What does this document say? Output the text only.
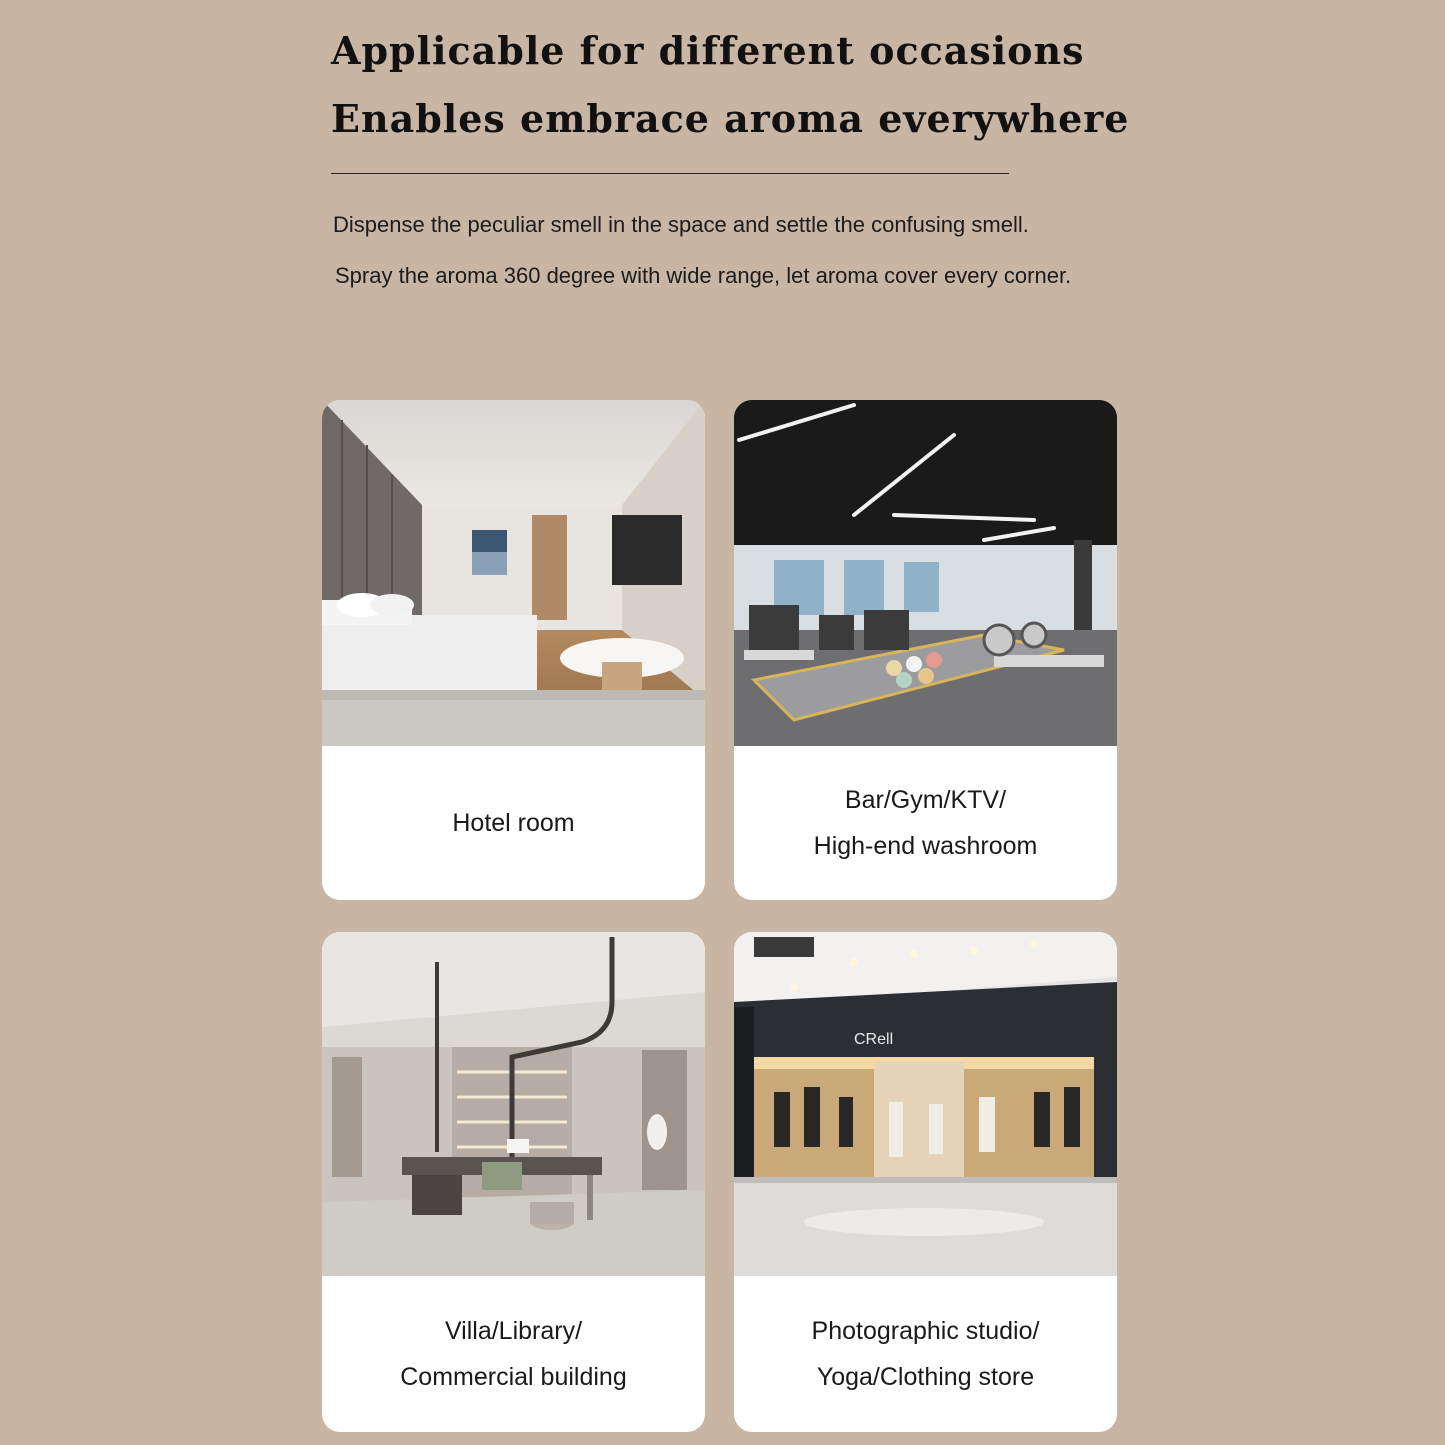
Applicable for different occasions
Enables embrace aroma everywhere

Dispense the peculiar smell in the space and settle the confusing smell.

Spray the aroma 360 degree with wide range, let aroma cover every corner.

Hotel room
Bar/Gym/KTV/
High-end washroom
Villa/Library/
Commercial building
CRell
Photographic studio/
Yoga/Clothing store
